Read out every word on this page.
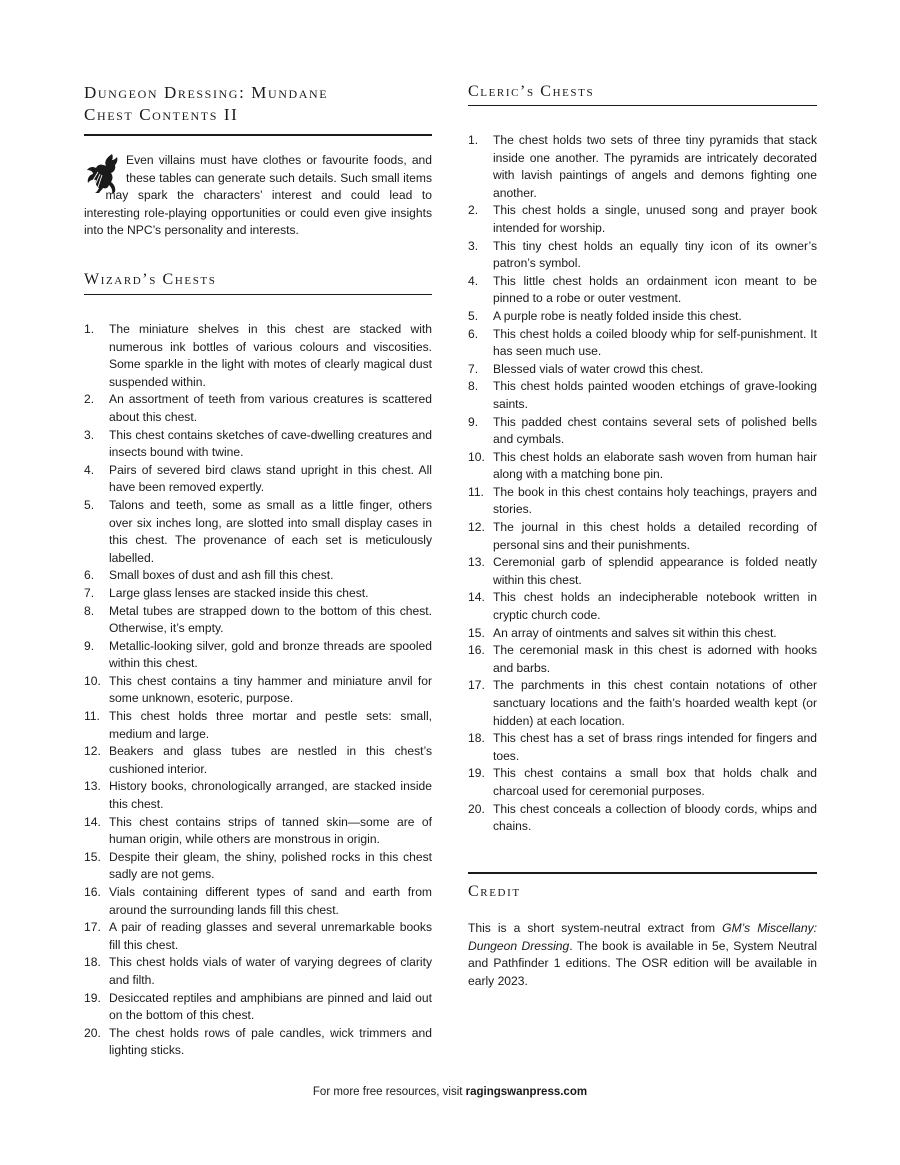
Dungeon Dressing: Mundane
Chest Contents II

Even villains must have clothes or favourite foods, and these tables can generate such details. Such small items may spark the characters’ interest and could lead to interesting role-playing opportunities or could even give insights into the NPC’s personality and interests.

Wizard’s Chests
1. The miniature shelves in this chest are stacked with numerous ink bottles of various colours and viscosities. Some sparkle in the light with motes of clearly magical dust suspended within.
2. An assortment of teeth from various creatures is scattered about this chest.
3. This chest contains sketches of cave-dwelling creatures and insects bound with twine.
4. Pairs of severed bird claws stand upright in this chest. All have been removed expertly.
5. Talons and teeth, some as small as a little finger, others over six inches long, are slotted into small display cases in this chest. The provenance of each set is meticulously labelled.
6. Small boxes of dust and ash fill this chest.
7. Large glass lenses are stacked inside this chest.
8. Metal tubes are strapped down to the bottom of this chest. Otherwise, it’s empty.
9. Metallic-looking silver, gold and bronze threads are spooled within this chest.
10. This chest contains a tiny hammer and miniature anvil for some unknown, esoteric, purpose.
11. This chest holds three mortar and pestle sets: small, medium and large.
12. Beakers and glass tubes are nestled in this chest’s cushioned interior.
13. History books, chronologically arranged, are stacked inside this chest.
14. This chest contains strips of tanned skin—some are of human origin, while others are monstrous in origin.
15. Despite their gleam, the shiny, polished rocks in this chest sadly are not gems.
16. Vials containing different types of sand and earth from around the surrounding lands fill this chest.
17. A pair of reading glasses and several unremarkable books fill this chest.
18. This chest holds vials of water of varying degrees of clarity and filth.
19. Desiccated reptiles and amphibians are pinned and laid out on the bottom of this chest.
20. The chest holds rows of pale candles, wick trimmers and lighting sticks.
Cleric’s Chests
1. The chest holds two sets of three tiny pyramids that stack inside one another. The pyramids are intricately decorated with lavish paintings of angels and demons fighting one another.
2. This chest holds a single, unused song and prayer book intended for worship.
3. This tiny chest holds an equally tiny icon of its owner’s patron’s symbol.
4. This little chest holds an ordainment icon meant to be pinned to a robe or outer vestment.
5. A purple robe is neatly folded inside this chest.
6. This chest holds a coiled bloody whip for self-punishment. It has seen much use.
7. Blessed vials of water crowd this chest.
8. This chest holds painted wooden etchings of grave-looking saints.
9. This padded chest contains several sets of polished bells and cymbals.
10. This chest holds an elaborate sash woven from human hair along with a matching bone pin.
11. The book in this chest contains holy teachings, prayers and stories.
12. The journal in this chest holds a detailed recording of personal sins and their punishments.
13. Ceremonial garb of splendid appearance is folded neatly within this chest.
14. This chest holds an indecipherable notebook written in cryptic church code.
15. An array of ointments and salves sit within this chest.
16. The ceremonial mask in this chest is adorned with hooks and barbs.
17. The parchments in this chest contain notations of other sanctuary locations and the faith’s hoarded wealth kept (or hidden) at each location.
18. This chest has a set of brass rings intended for fingers and toes.
19. This chest contains a small box that holds chalk and charcoal used for ceremonial purposes.
20. This chest conceals a collection of bloody cords, whips and chains.
Credit

This is a short system-neutral extract from GM’s Miscellany: Dungeon Dressing. The book is available in 5e, System Neutral and Pathfinder 1 editions. The OSR edition will be available in early 2023.

For more free resources, visit ragingswanpress.com
